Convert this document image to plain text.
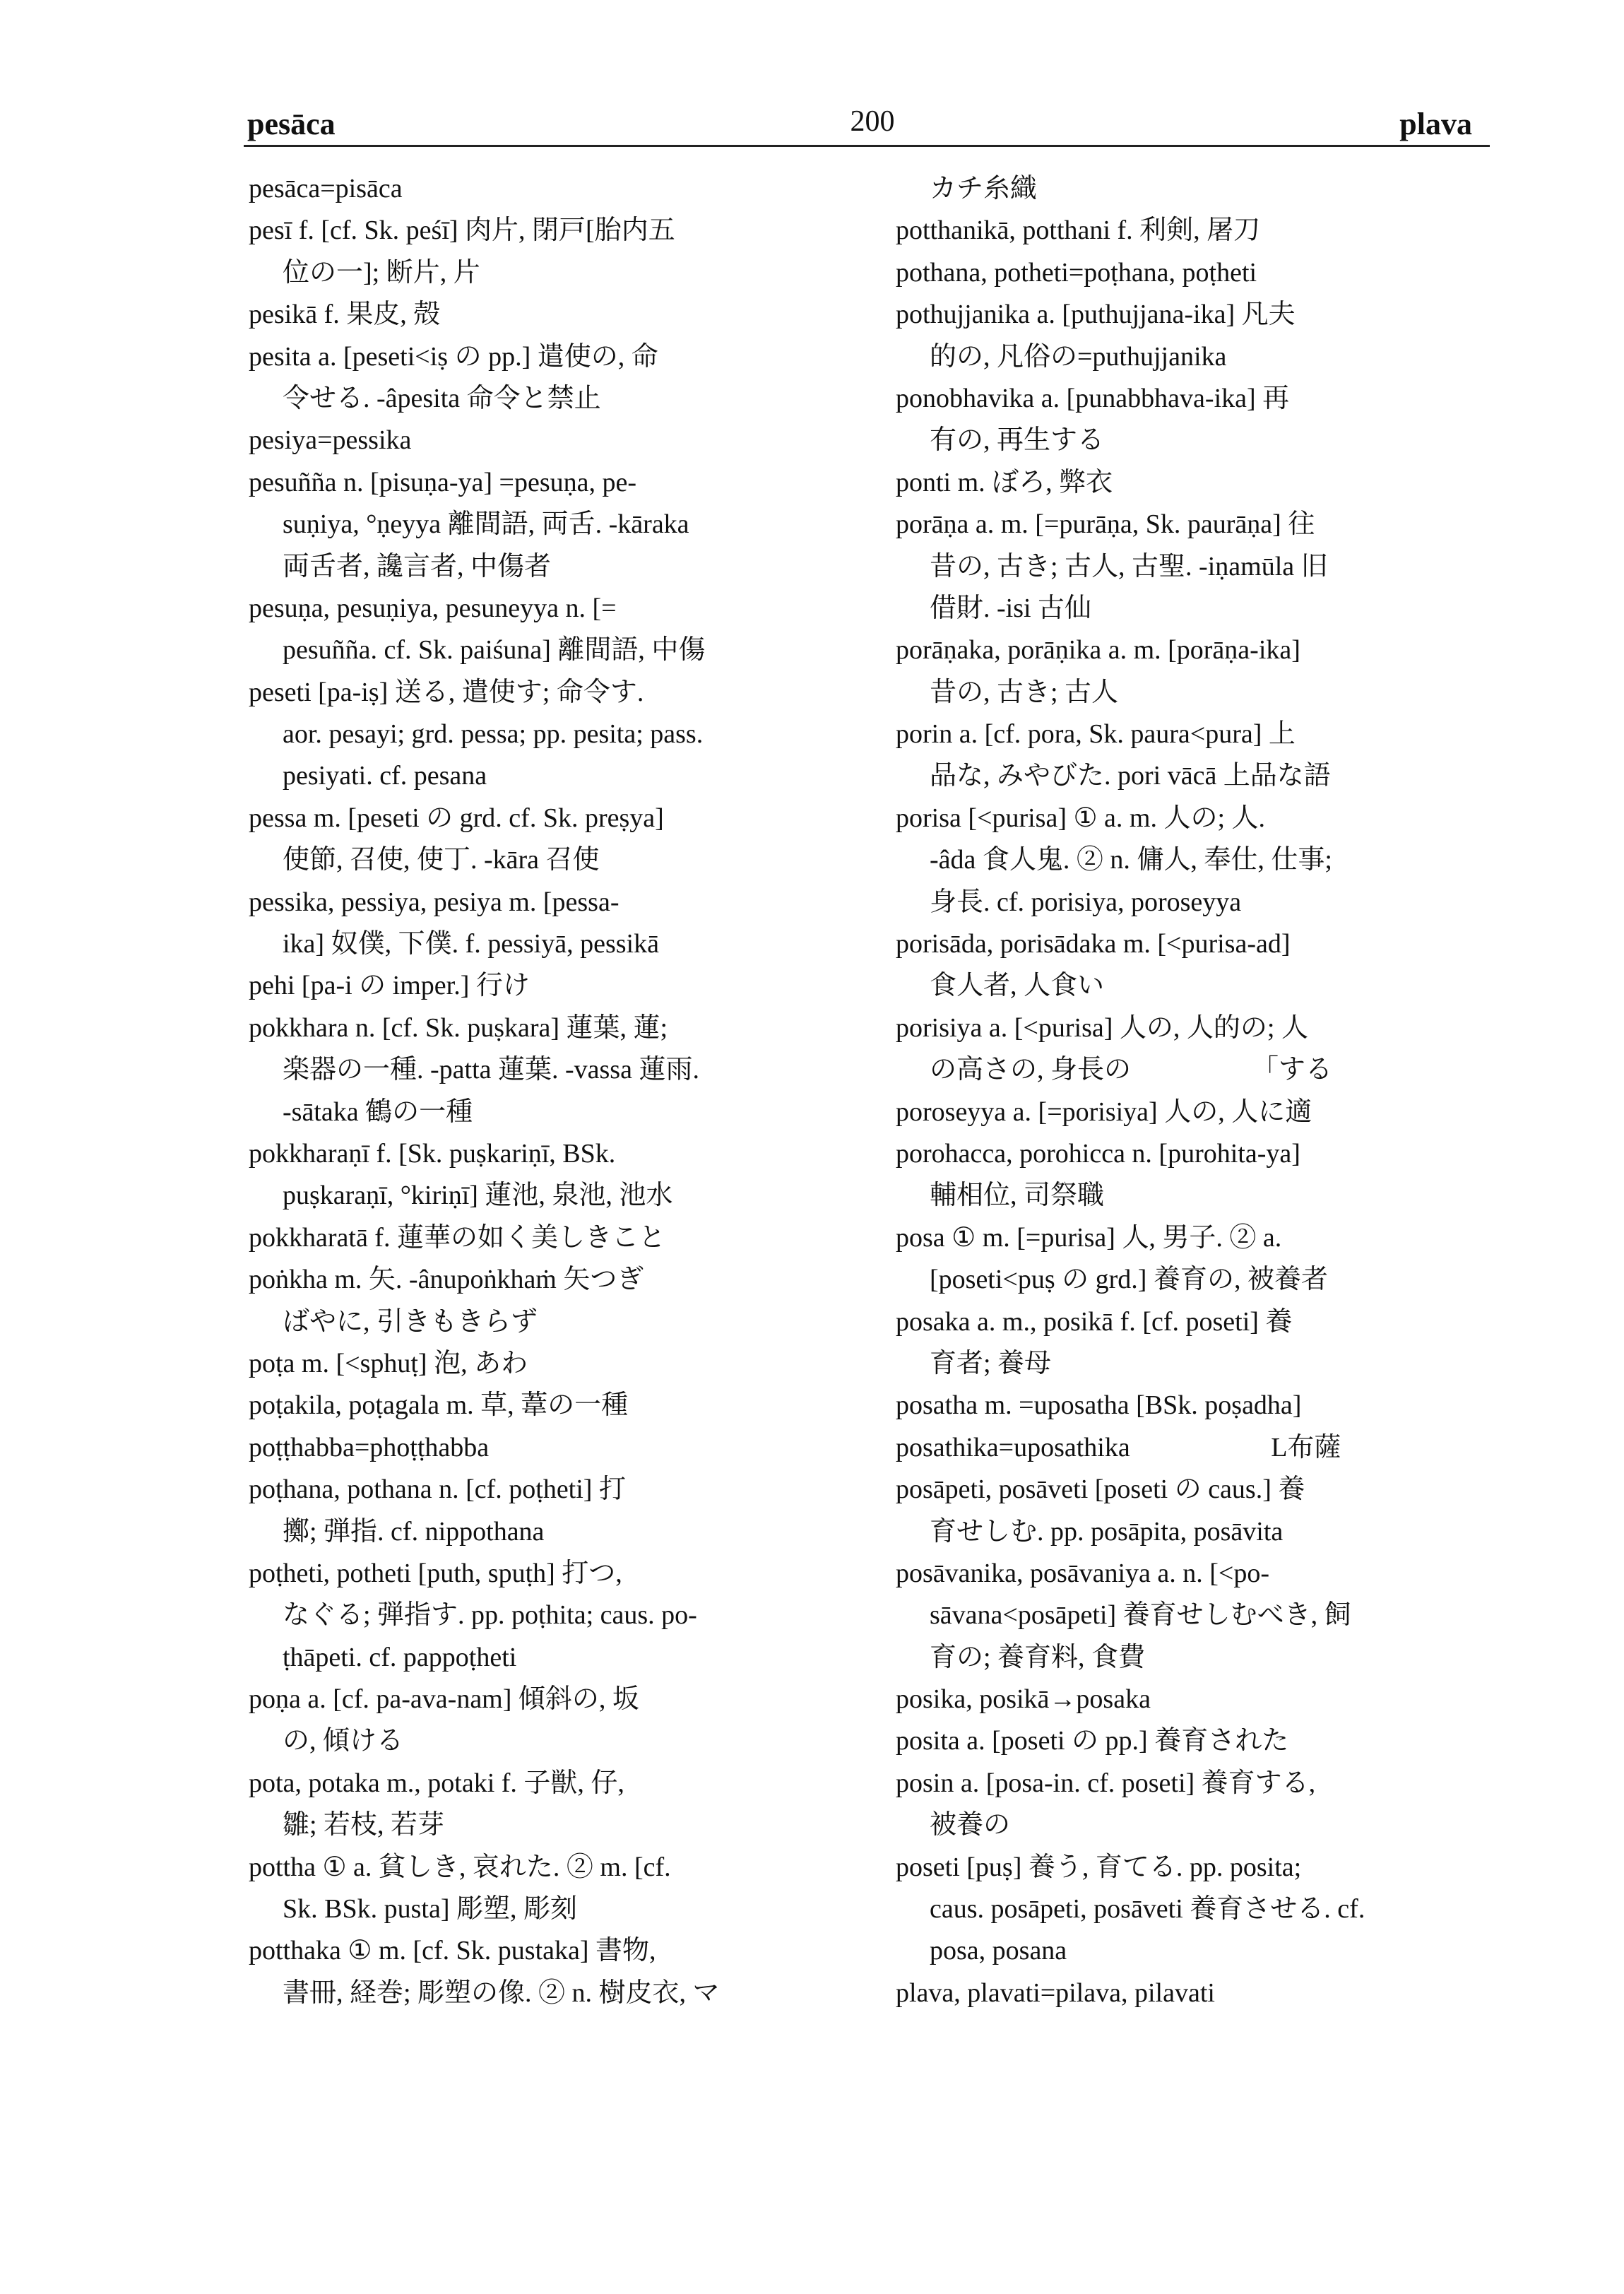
pesāca	200	plava
pesāca=pisāca
pesī f. [cf. Sk. peśī] 肉片, 閉戸[胎内五
位の一]; 断片, 片
pesikā f. 果皮, 殻
pesita a. [peseti<iṣ の pp.] 遣使の, 命
令せる. -âpesita 命令と禁止
pesiya=pessika
pesuñña n. [pisuṇa-ya] =pesuṇa, pe-
suṇiya, °ṇeyya 離間語, 両舌. -kāraka
両舌者, 讒言者, 中傷者
pesuṇa, pesuṇiya, pesuneyya n. [=
pesuñña. cf. Sk. paiśuna] 離間語, 中傷
peseti [pa-iṣ] 送る, 遣使す; 命令す.
aor. pesayi; grd. pessa; pp. pesita; pass.
pesiyati. cf. pesana
pessa m. [peseti の grd. cf. Sk. preṣya]
使節, 召使, 使丁. -kāra 召使
pessika, pessiya, pesiya m. [pessa-
ika] 奴僕, 下僕. f. pessiyā, pessikā
pehi [pa-i の imper.] 行け
pokkhara n. [cf. Sk. puṣkara] 蓮葉, 蓮;
楽器の一種. -patta 蓮葉. -vassa 蓮雨.
-sātaka 鶴の一種
pokkharaṇī f. [Sk. puṣkariṇī, BSk.
puṣkaraṇī, °kiriṇī] 蓮池, 泉池, 池水
pokkharatā f. 蓮華の如く美しきこと
poṅkha m. 矢. -ânupoṅkhaṁ 矢つぎ
ばやに, 引きもきらず
poṭa m. [<sphuṭ] 泡, あわ
poṭakila, poṭagala m. 草, 葦の一種
poṭṭhabba=phoṭṭhabba
poṭhana, pothana n. [cf. poṭheti] 打
擲; 弾指. cf. nippothana
poṭheti, potheti [puth, spuṭh] 打つ,
なぐる; 弾指す. pp. poṭhita; caus. po-
ṭhāpeti. cf. pappoṭheti
poṇa a. [cf. pa-ava-nam] 傾斜の, 坂
の, 傾ける
pota, potaka m., potaki f. 子獣, 仔,
雛; 若枝, 若芽
pottha ① a. 貧しき, 哀れた. ② m. [cf.
Sk. BSk. pusta] 彫塑, 彫刻
potthaka ① m. [cf. Sk. pustaka] 書物,
書冊, 経巻; 彫塑の像. ② n. 樹皮衣, マ
カチ糸織
potthanikā, potthani f. 利剣, 屠刀
pothana, potheti=poṭhana, poṭheti
pothujjanika a. [puthujjana-ika] 凡夫
的の, 凡俗の=puthujjanika
ponobhavika a. [punabbhava-ika] 再
有の, 再生する
ponti m. ぼろ, 弊衣
porāṇa a. m. [=purāṇa, Sk. paurāṇa] 往
昔の, 古き; 古人, 古聖. -iṇamūla 旧
借財. -isi 古仙
porāṇaka, porāṇika a. m. [porāṇa-ika]
昔の, 古き; 古人
porin a. [cf. pora, Sk. paura<pura] 上
品な, みやびた. pori vācā 上品な語
porisa [<purisa] ① a. m. 人の; 人.
-âda 食人鬼. ② n. 傭人, 奉仕, 仕事;
身長. cf. porisiya, poroseyya
porisāda, porisādaka m. [<purisa-ad]
食人者, 人食い
porisiya a. [<purisa] 人の, 人的の; 人
の高さの, 身長の　　　　　「する
poroseyya a. [=porisiya] 人の, 人に適
porohacca, porohicca n. [purohita-ya]
輔相位, 司祭職
posa ① m. [=purisa] 人, 男子. ② a.
[poseti<puṣ の grd.] 養育の, 被養者
posaka a. m., posikā f. [cf. poseti] 養
育者; 養母
posatha m. =uposatha [BSk. poṣadha]
posathika=uposathika　　　　　 L布薩
posāpeti, posāveti [poseti の caus.] 養
育せしむ. pp. posāpita, posāvita
posāvanika, posāvaniya a. n. [<po-
sāvana<posāpeti] 養育せしむべき, 飼
育の; 養育料, 食費
posika, posikā→posaka
posita a. [poseti の pp.] 養育された
posin a. [posa-in. cf. poseti] 養育する,
被養の
poseti [puṣ] 養う, 育てる. pp. posita;
caus. posāpeti, posāveti 養育させる. cf.
posa, posana
plava, plavati=pilava, pilavati
